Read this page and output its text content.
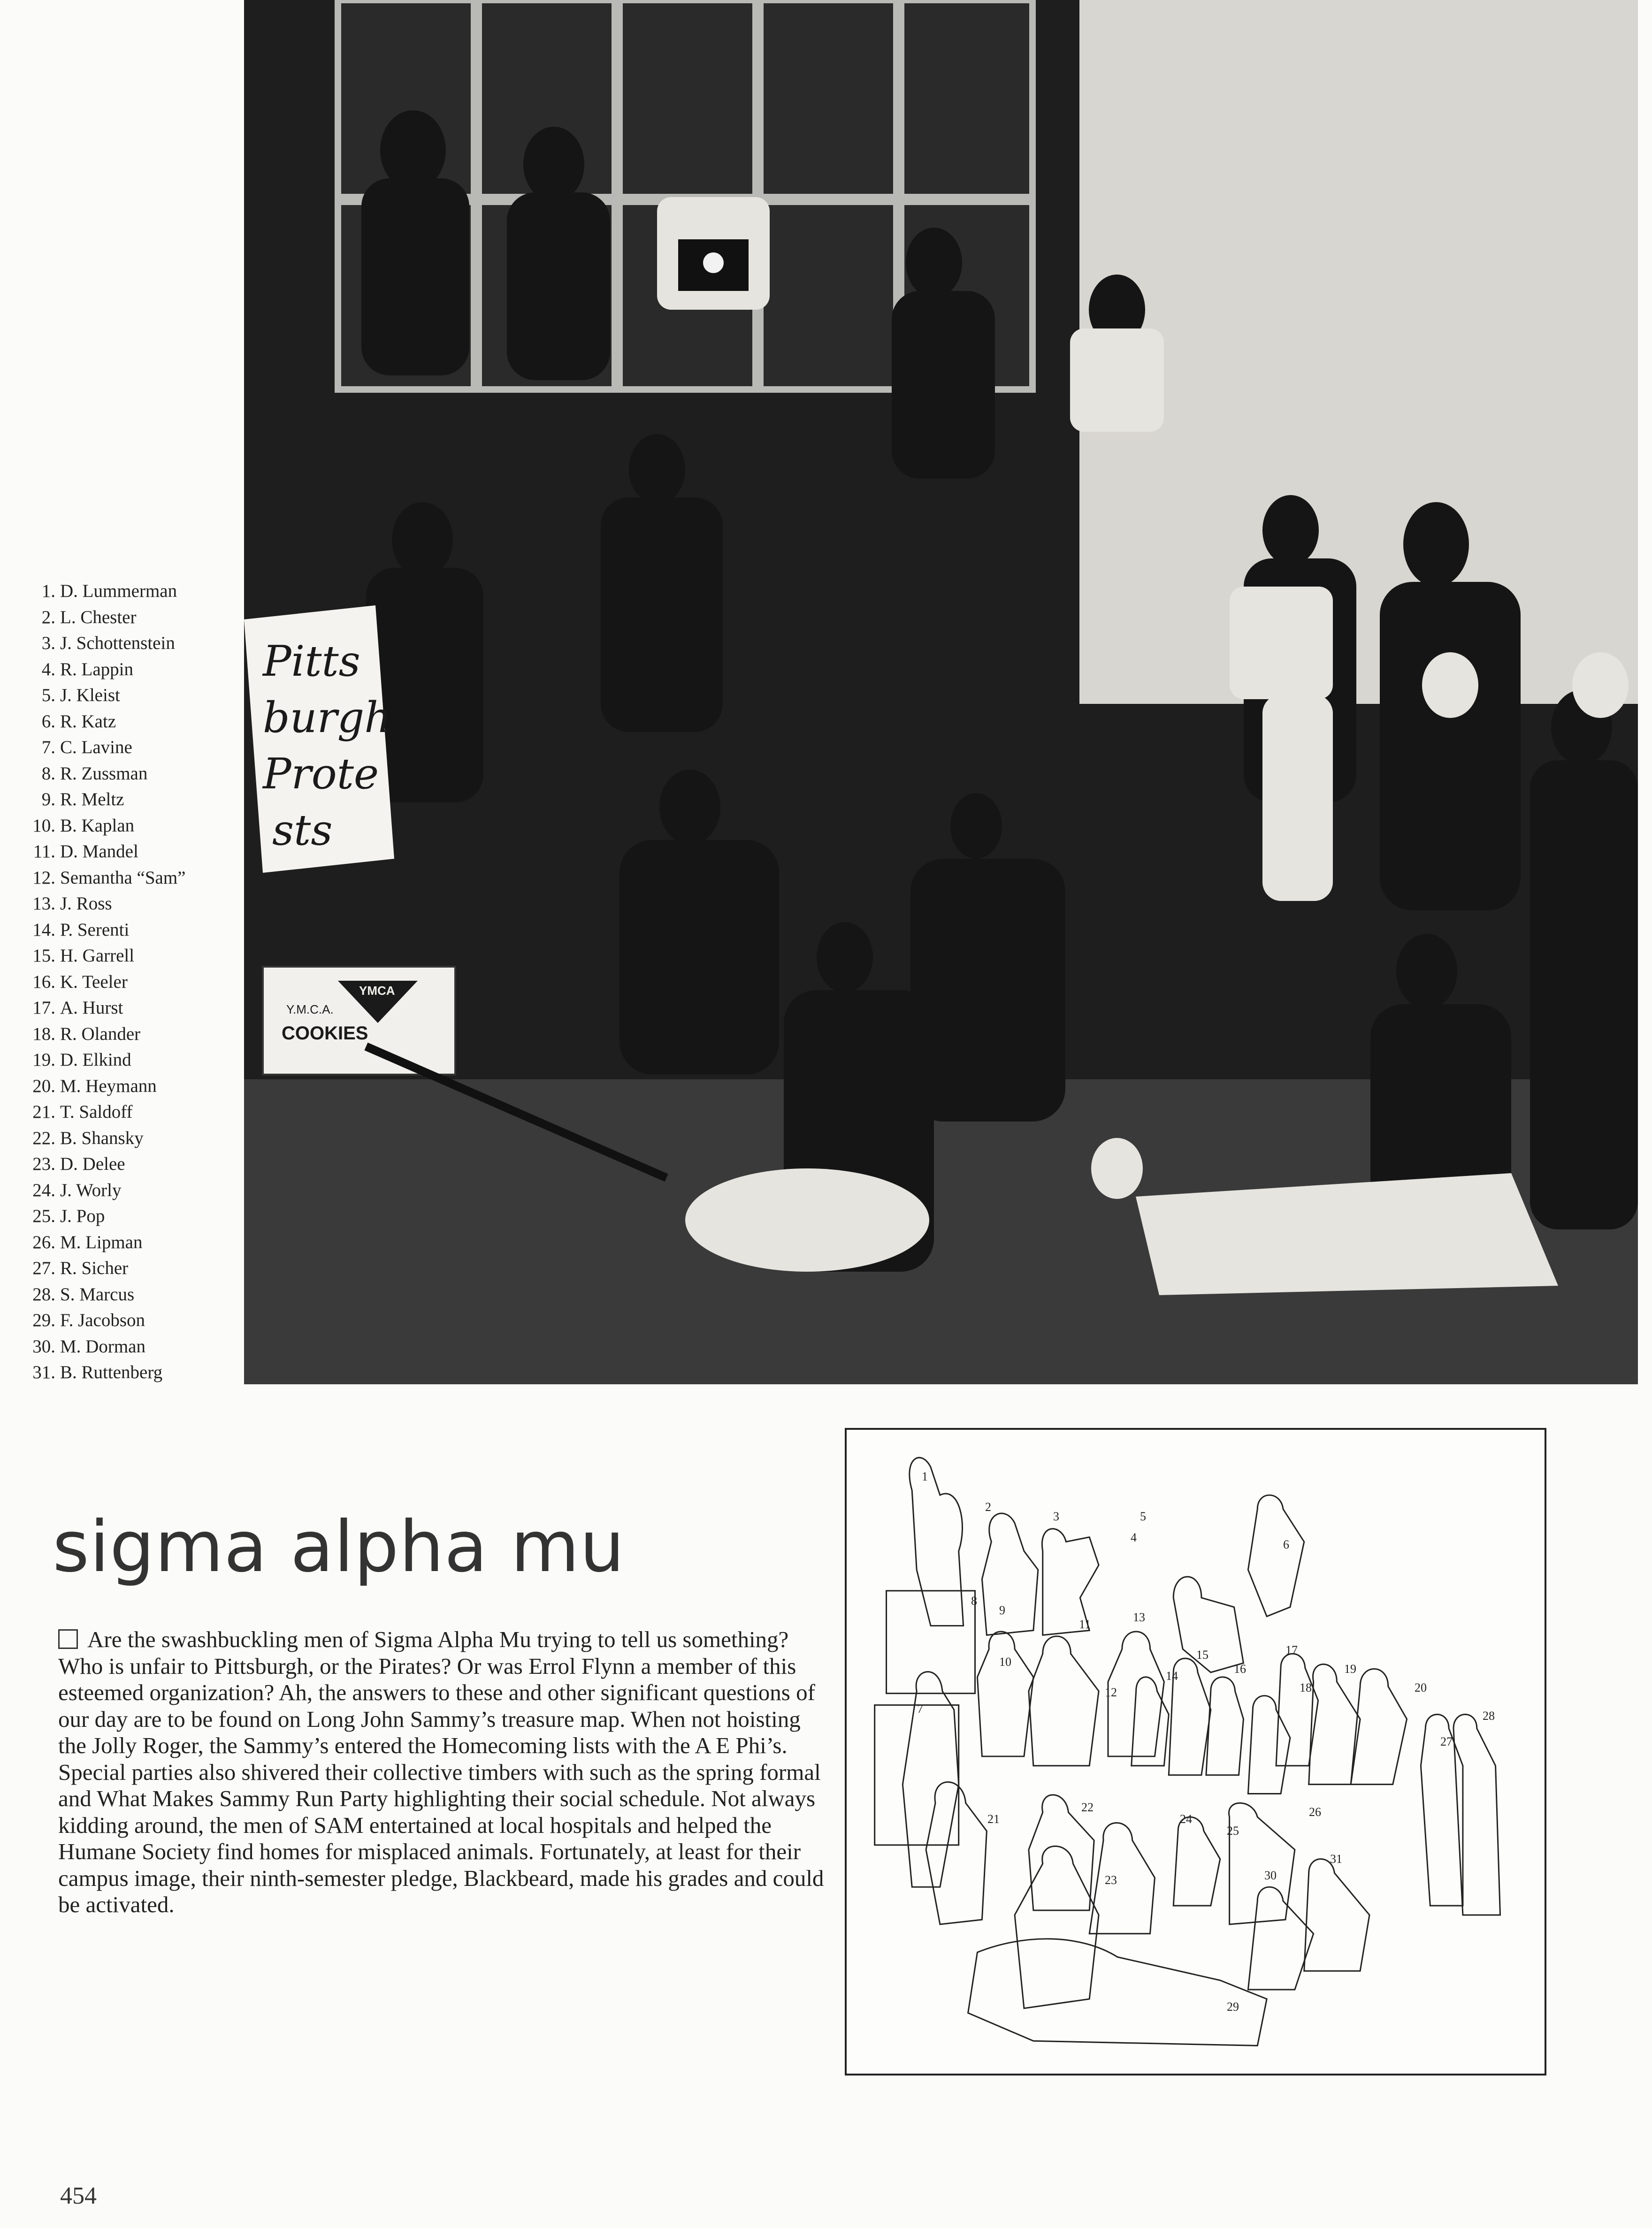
Pitts
burgh
Prote
sts
YMCA
Y.M.C.A.
COOKIES
1. D. Lummerman
2. L. Chester
3. J. Schottenstein
4. R. Lappin
5. J. Kleist
6. R. Katz
7. C. Lavine
8. R. Zussman
9. R. Meltz
10. B. Kaplan
11. D. Mandel
12. Semantha “Sam”
13. J. Ross
14. P. Serenti
15. H. Garrell
16. K. Teeler
17. A. Hurst
18. R. Olander
19. D. Elkind
20. M. Heymann
21. T. Saldoff
22. B. Shansky
23. D. Delee
24. J. Worly
25. J. Pop
26. M. Lipman
27. R. Sicher
28. S. Marcus
29. F. Jacobson
30. M. Dorman
31. B. Ruttenberg
sigma alpha mu

Are the swashbuckling men of Sigma Alpha Mu trying to tell us something? Who is unfair to Pittsburgh, or the Pirates? Or was Errol Flynn a member of this esteemed organization? Ah, the answers to these and other significant questions of our day are to be found on Long John Sammy’s treasure map. When not hoisting the Jolly Roger, the Sammy’s entered the Homecoming lists with the A E Phi’s. Special parties also shivered their collective timbers with such as the spring formal and What Makes Sammy Run Party highlighting their social schedule. Not always kidding around, the men of SAM entertained at local hospitals and helped the Humane Society find homes for misplaced animals. Fortunately, at least for their campus image, their ninth-semester pledge, Blackbeard, made his grades and could be activated.

1
2
3
4
5
6
7
8
9
10
11
12
13
14
15
16
17
18
19
20
21
22
23
24
25
26
27
28
29
30
31
454
